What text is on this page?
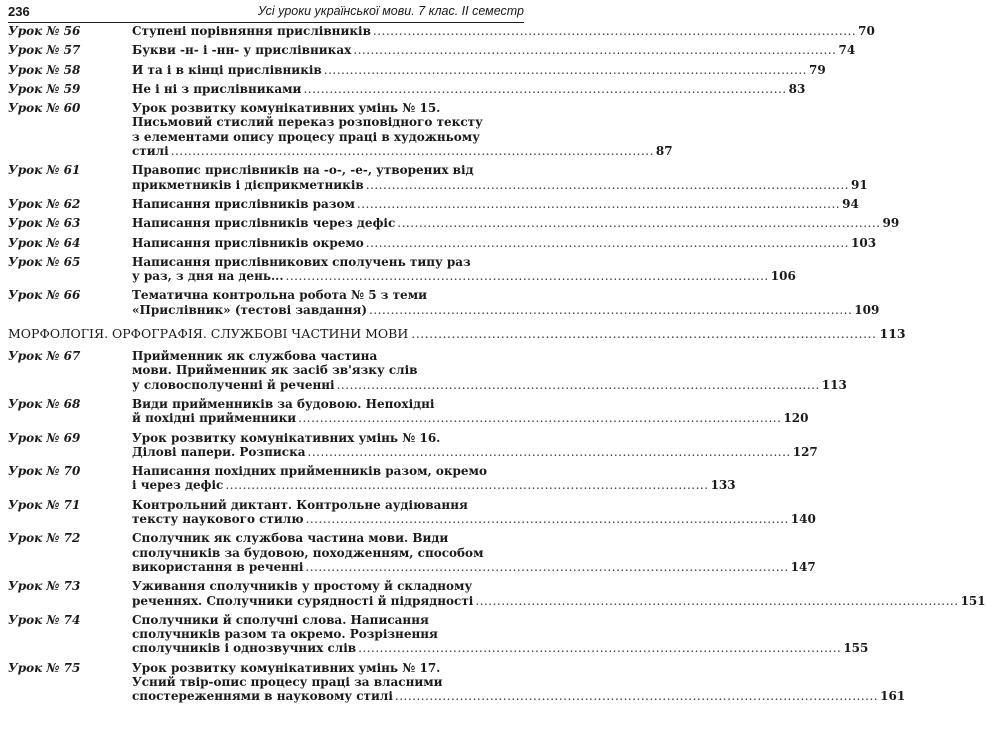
236	Усі уроки української мови. 7 клас. ІІ семестр
Урок № 56	Ступені порівняння прислівників .....	70
Урок № 57	Букви -н- і -нн- у прислівниках .....	74
Урок № 58	И та і в кінці прислівників .....	79
Урок № 59	Не і ні з прислівниками .....	83
Урок № 60	Урок розвитку комунікативних умінь № 15.
Письмовий стислий переказ розповідного тексту
з елементами опису процесу праці в художньому
стилі .....	87
Урок № 61	Правопис прислівників на -о-, -е-, утворених від
прикметників і дієприкметників .....	91
Урок № 62	Написання прислівників разом .....	94
Урок № 63	Написання прислівників через дефіс .....	99
Урок № 64	Написання прислівників окремо .....	103
Урок № 65	Написання прислівникових сполучень типу раз
у раз, з дня на день... .....	106
Урок № 66	Тематична контрольна робота № 5 з теми
«Прислівник» (тестові завдання) .....	109
МОРФОЛОГІЯ. ОРФОГРАФІЯ. СЛУЖБОВІ ЧАСТИНИ МОВИ .....	113
Урок № 67	Прийменник як службова частина
мови. Прийменник як засіб зв'язку слів
у словосполученні й реченні .....	113
Урок № 68	Види прийменників за будовою. Непохідні
й похідні прийменники .....	120
Урок № 69	Урок розвитку комунікативних умінь № 16.
Ділові папери. Розписка .....	127
Урок № 70	Написання похідних прийменників разом, окремо
і через дефіс .....	133
Урок № 71	Контрольний диктант. Контрольне аудіювання
тексту наукового стилю .....	140
Урок № 72	Сполучник як службова частина мови. Види
сполучників за будовою, походженням, способом
використання в реченні .....	147
Урок № 73	Уживання сполучників у простому й складному
реченнях. Сполучники сурядності й підрядності .....	151
Урок № 74	Сполучники й сполучні слова. Написання
сполучників разом та окремо. Розрізнення
сполучників і однозвучних слів .....	155
Урок № 75	Урок розвитку комунікативних умінь № 17.
Усний твір-опис процесу праці за власними
спостереженнями в науковому стилі .....	161
